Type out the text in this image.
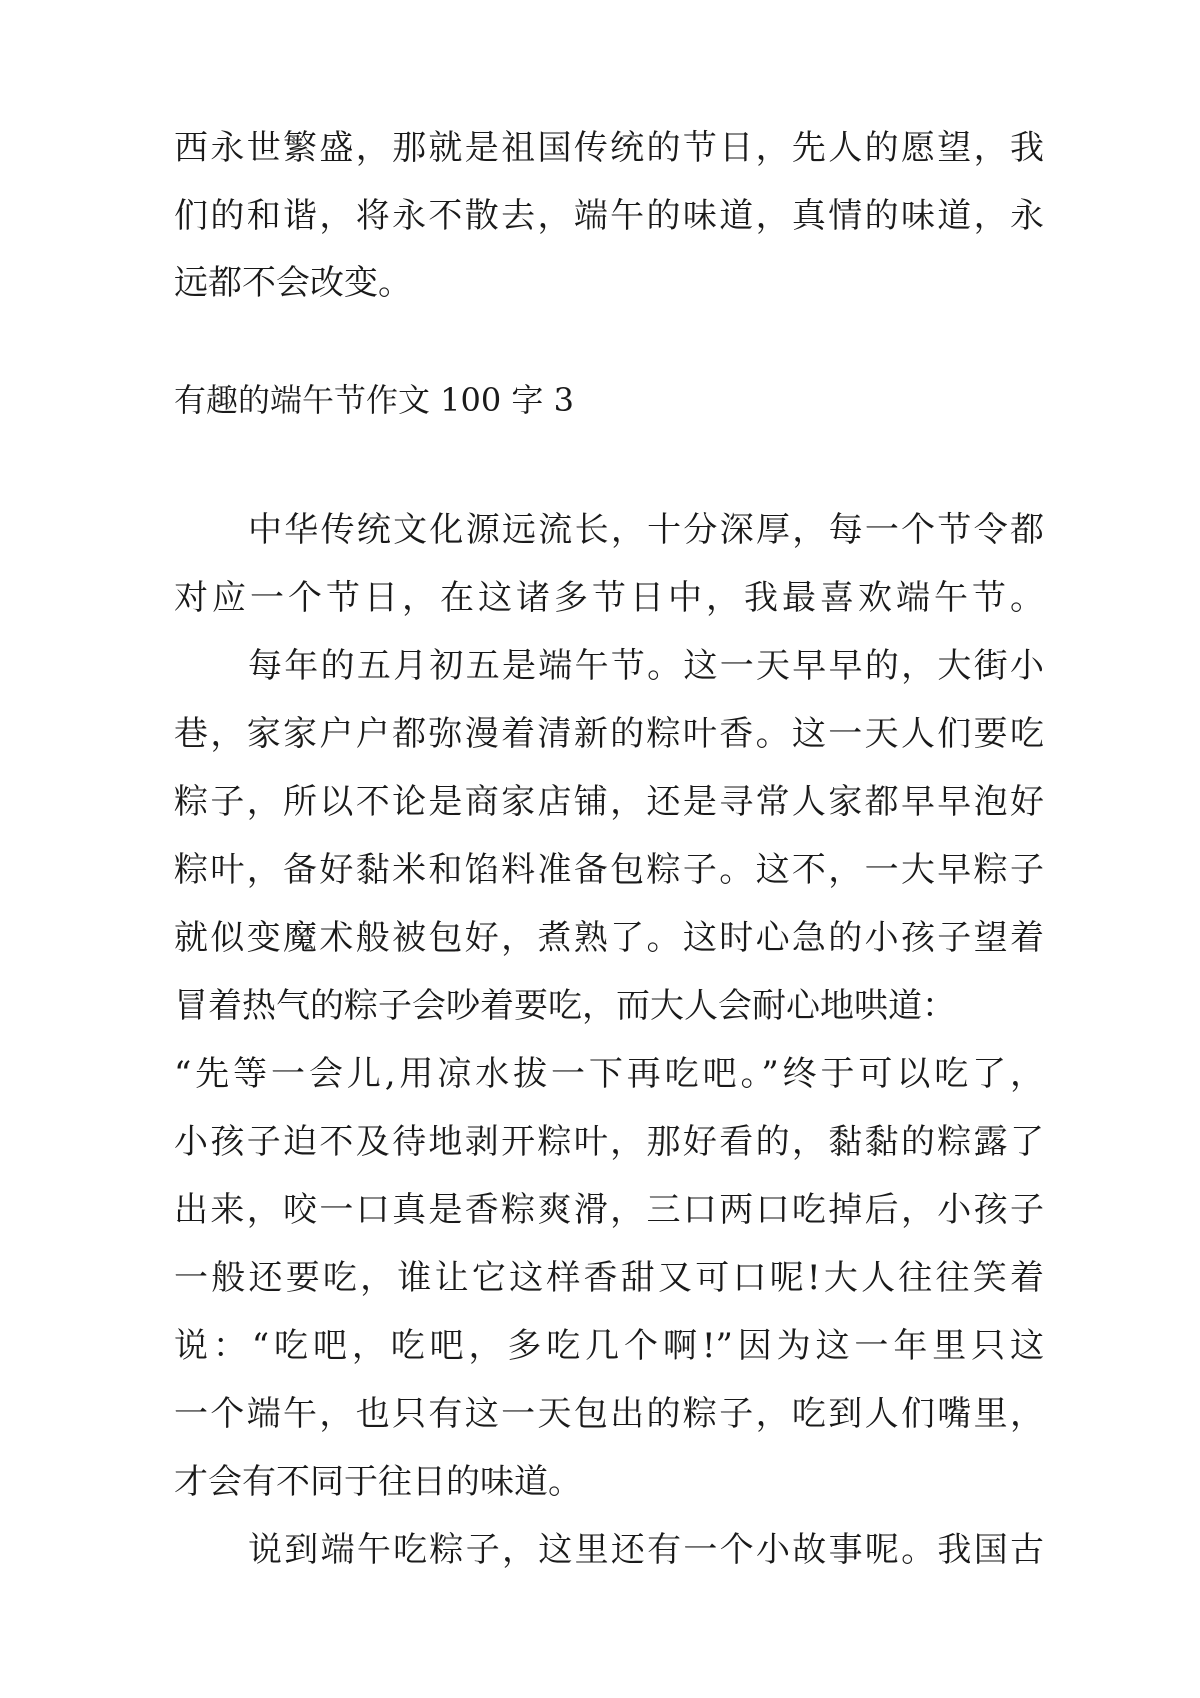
西永世繁盛，那就是祖国传统的节日，先人的愿望，我

们的和谐，将永不散去，端午的味道，真情的味道，永

远都不会改变。

有趣的端午节作文 100 字 3

中华传统文化源远流长，十分深厚，每一个节令都

对应一个节日，在这诸多节日中，我最喜欢端午节。

每年的五月初五是端午节。这一天早早的，大街小

巷，家家户户都弥漫着清新的粽叶香。这一天人们要吃

粽子，所以不论是商家店铺，还是寻常人家都早早泡好

粽叶，备好黏米和馅料准备包粽子。这不，一大早粽子

就似变魔术般被包好，煮熟了。这时心急的小孩子望着

冒着热气的粽子会吵着要吃，而大人会耐心地哄道：

“先等一会儿,用凉水拔一下再吃吧。”终于可以吃了，

小孩子迫不及待地剥开粽叶，那好看的，黏黏的粽露了

出来，咬一口真是香粽爽滑，三口两口吃掉后，小孩子

一般还要吃，谁让它这样香甜又可口呢!大人往往笑着

说：“吃吧，吃吧，多吃几个啊!”因为这一年里只这

一个端午，也只有这一天包出的粽子，吃到人们嘴里，

才会有不同于往日的味道。

说到端午吃粽子，这里还有一个小故事呢。我国古
